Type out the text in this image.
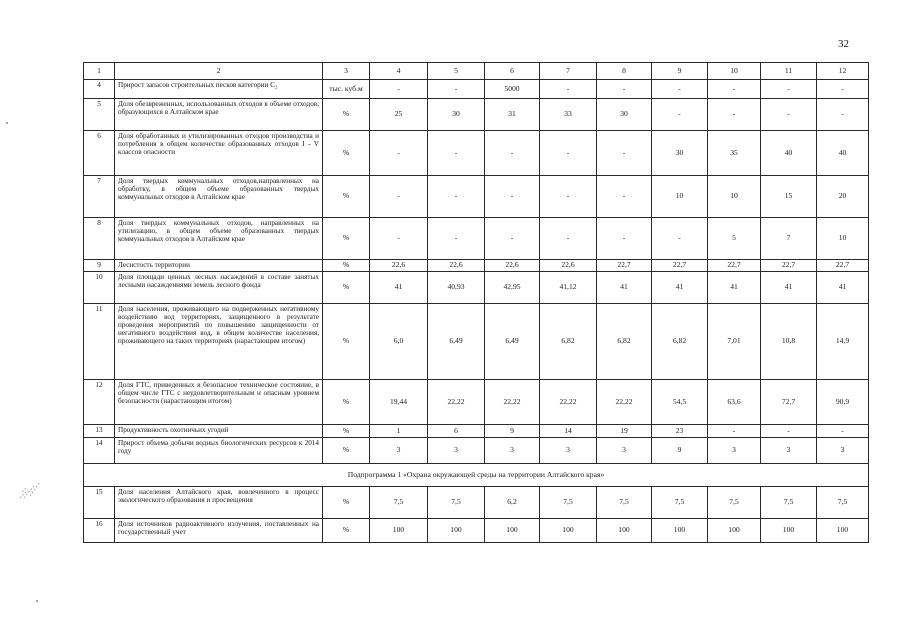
32
1	2	3	4	5	6	7	8	9	10	11	12
4	Прирост запасов строительных песков категории С₂	тыс. куб.м	-	-	5000	-	-	-	-	-	-
5	Доля обезвреженных, использованных отходов в объеме отходов, образующихся в Алтайском крае	%	25	30	31	33	30	-	-	-	-
6	Доля обработанных и утилизированных отходов производства и потребления в общем количестве образованных отходов I - V классов опасности	%	-	-	-	-	-	30	35	40	40
7	Доля твердых коммунальных отходов,направленных на обработку, в общем объеме образованных твердых коммунальных отходов в Алтайском крае	%	-	-	-	-	-	10	10	15	20
8	Доля твердых коммунальных отходов, направленных на утилизацию, в общем объеме образованных твердых коммунальных отходов в Алтайском крае	%	-	-	-	-	-	-	5	7	10
9	Лесистость территории	%	22,6	22,6	22,6	22,6	22,7	22,7	22,7	22,7	22,7
10	Доля площади ценных лесных насаждений в составе занятых лесными насаждениями земель лесного фонда	%	41	40,93	42,95	41,12	41	41	41	41	41
11	Доля населения, проживающего на подверженных негативному воздействию вод территориях, защищенного в результате проведения мероприятий по повышению защищенности от негативного воздействия вод, в общем количестве населения, проживающего на таких территориях (нарастающим итогом)	%	6,0	6,49	6,49	6,82	6,82	6,82	7,01	10,8	14,9
12	Доля ГТС, приведенных в безопасное техническое состояние, в общем числе ГТС с неудовлетворительным и опасным уровнем безопасности (нарастающим итогом)	%	19,44	22,22	22,22	22,22	22,22	54,5	63,6	72,7	90,9
13	Продуктивность охотничьих угодий	%	1	6	9	14	19	23	-	-	-
14	Прирост объема добычи водных биологических ресурсов к 2014 году	%	3	3	3	3	3	9	3	3	3
Подпрограмма 1 «Охрана окружающей среды на территории Алтайского края»											
15	Доля населения Алтайского края, вовлеченного в процесс экологического образования и просвещения	%	7,5	7,5	6,2	7,5	7,5	7,5	7,5	7,5	7,5
16	Доля источников радиоактивного излучения, поставленных на государственный учет	%	100	100	100	100	100	100	100	100	100
